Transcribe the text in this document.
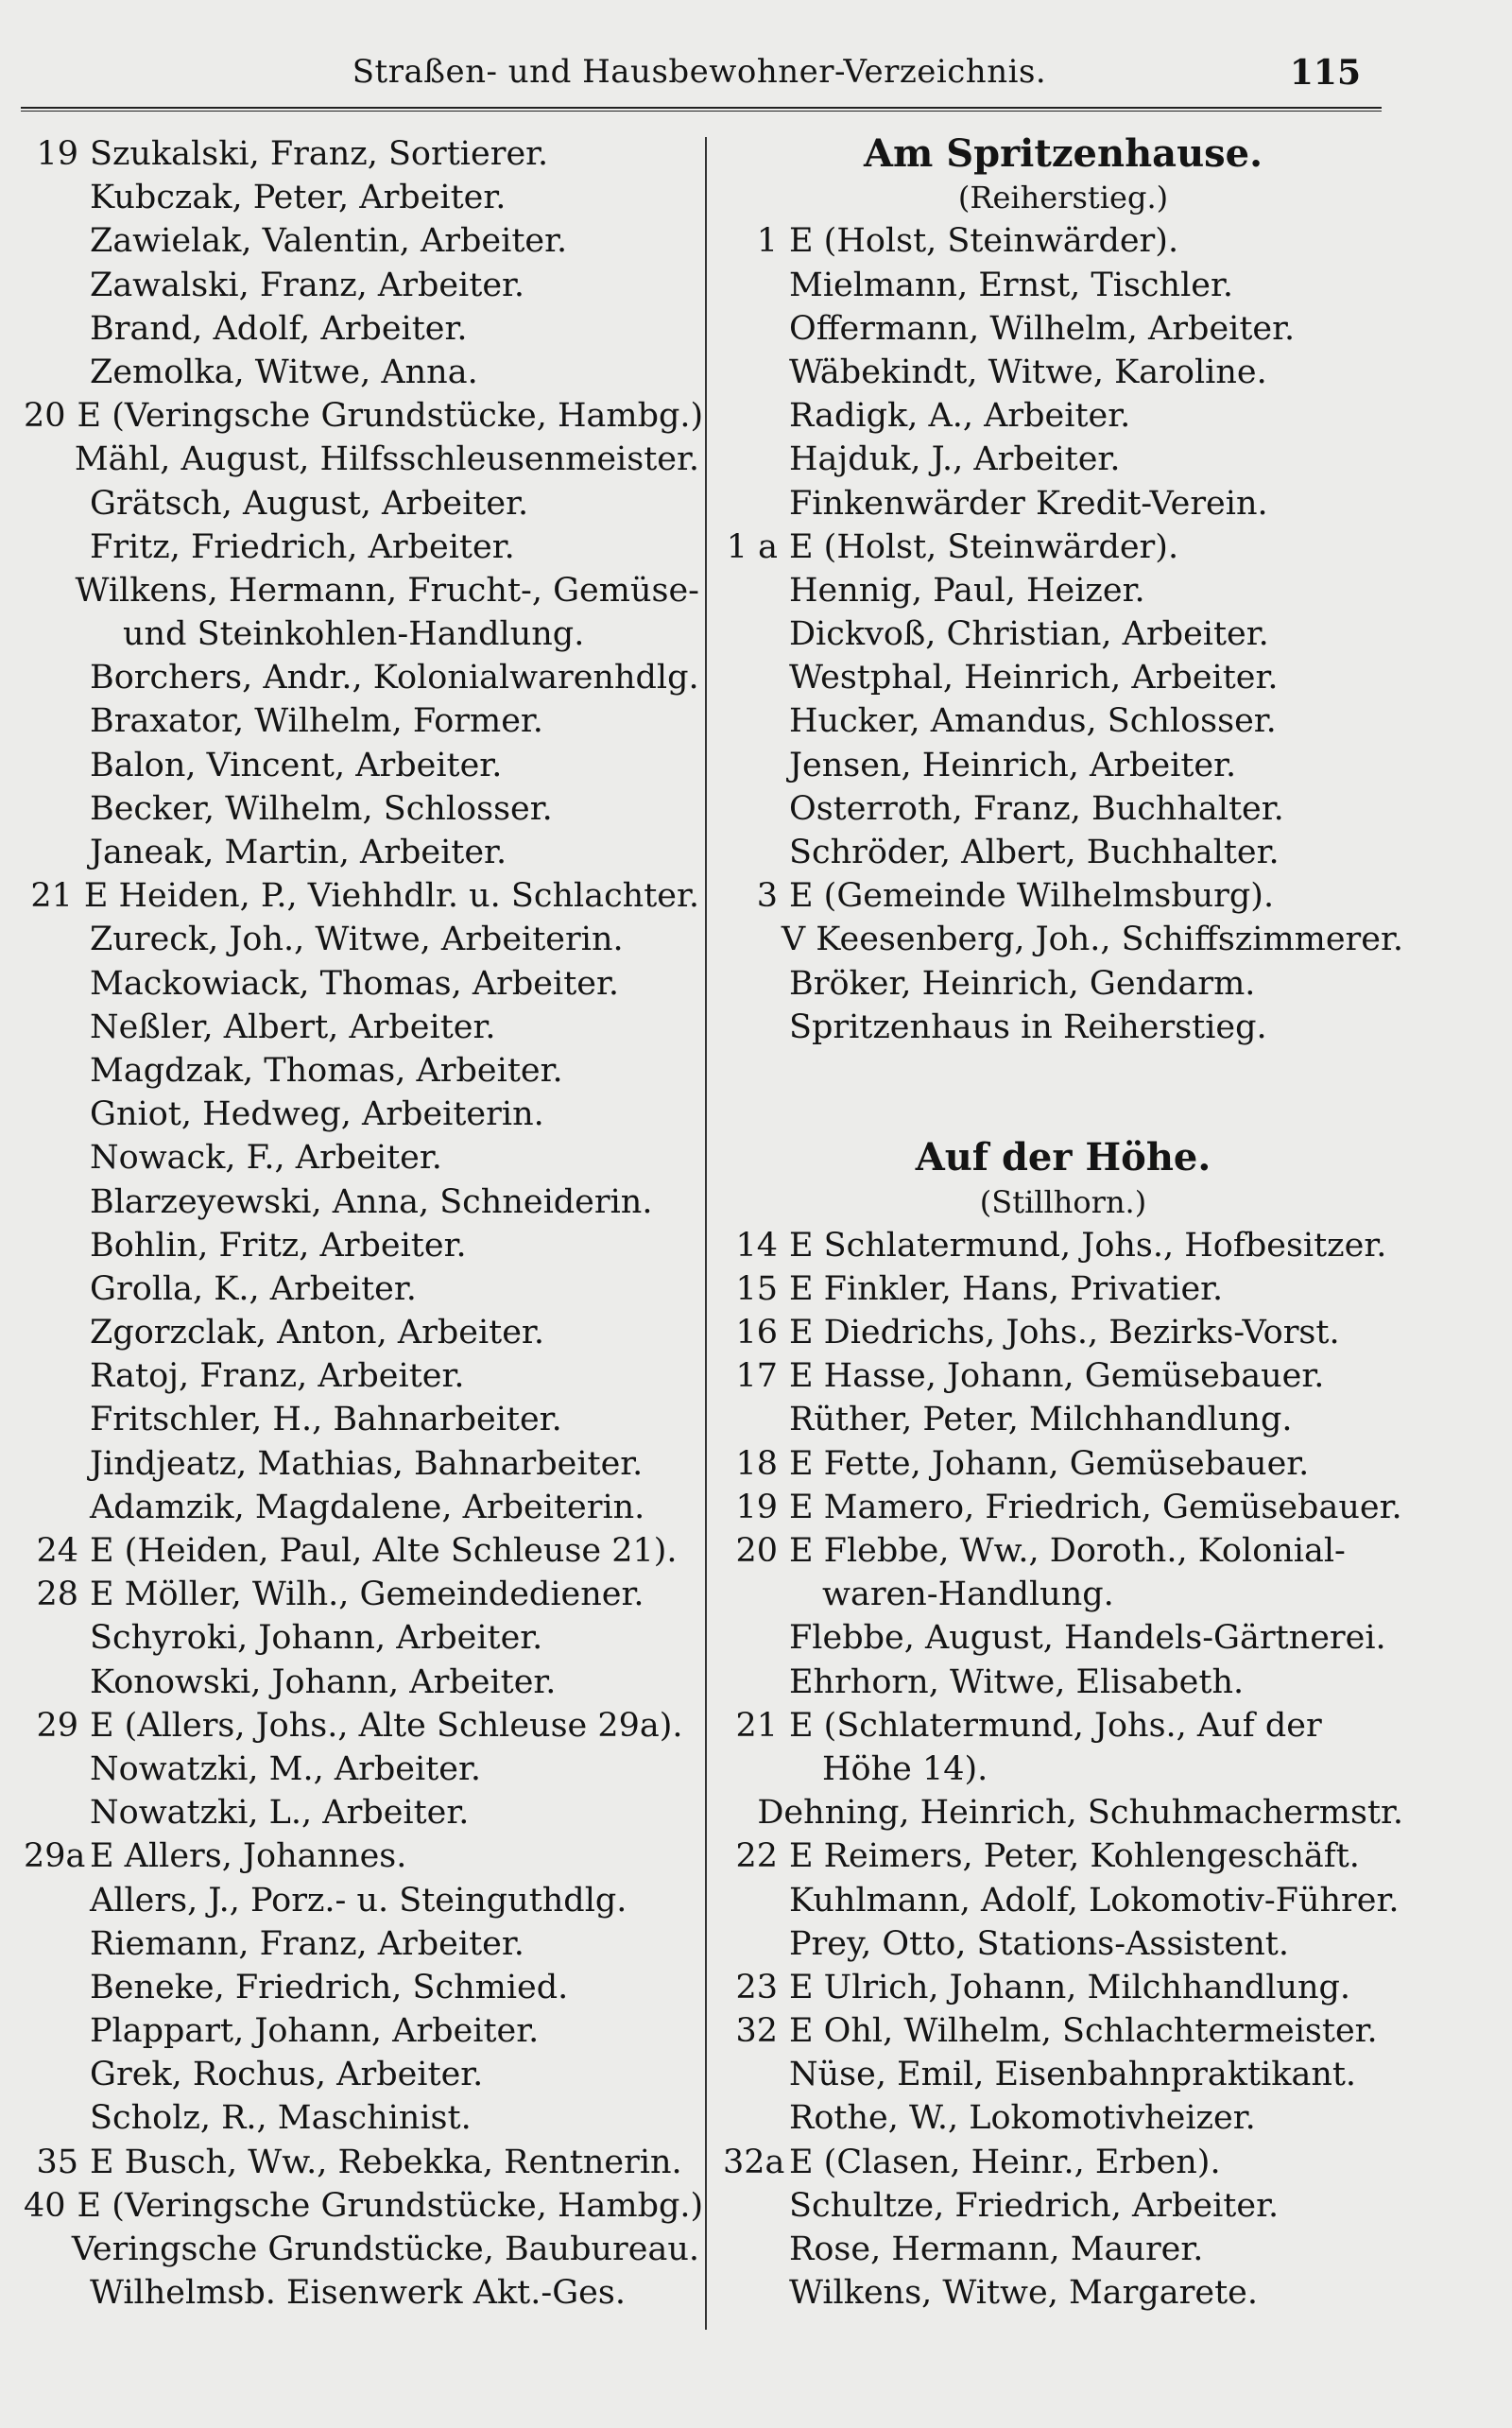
Straßen- und Hausbewohner-Verzeichnis.	115
19 Szukalski, Franz, Sortierer.
Kubczak, Peter, Arbeiter.
Zawielak, Valentin, Arbeiter.
Zawalski, Franz, Arbeiter.
Brand, Adolf, Arbeiter.
Zemolka, Witwe, Anna.
20 E (Veringsche Grundstücke, Hambg.)
Mähl, August, Hilfsschleusenmeister.
Grätsch, August, Arbeiter.
Fritz, Friedrich, Arbeiter.
Wilkens, Hermann, Frucht-, Gemüse-
und Steinkohlen-Handlung.
Borchers, Andr., Kolonialwarenhdlg.
Braxator, Wilhelm, Former.
Balon, Vincent, Arbeiter.
Becker, Wilhelm, Schlosser.
Janeak, Martin, Arbeiter.
21 E Heiden, P., Viehhdlr. u. Schlachter.
Zureck, Joh., Witwe, Arbeiterin.
Mackowiack, Thomas, Arbeiter.
Neßler, Albert, Arbeiter.
Magdzak, Thomas, Arbeiter.
Gniot, Hedweg, Arbeiterin.
Nowack, F., Arbeiter.
Blarzeyewski, Anna, Schneiderin.
Bohlin, Fritz, Arbeiter.
Grolla, K., Arbeiter.
Zgorzclak, Anton, Arbeiter.
Ratoj, Franz, Arbeiter.
Fritschler, H., Bahnarbeiter.
Jindjeatz, Mathias, Bahnarbeiter.
Adamzik, Magdalene, Arbeiterin.
24 E (Heiden, Paul, Alte Schleuse 21).
28 E Möller, Wilh., Gemeindediener.
Schyroki, Johann, Arbeiter.
Konowski, Johann, Arbeiter.
29 E (Allers, Johs., Alte Schleuse 29a).
Nowatzki, M., Arbeiter.
Nowatzki, L., Arbeiter.
29a E Allers, Johannes.
Allers, J., Porz.- u. Steinguthdlg.
Riemann, Franz, Arbeiter.
Beneke, Friedrich, Schmied.
Plappart, Johann, Arbeiter.
Grek, Rochus, Arbeiter.
Scholz, R., Maschinist.
35 E Busch, Ww., Rebekka, Rentnerin.
40 E (Veringsche Grundstücke, Hambg.)
Veringsche Grundstücke, Baubureau.
Wilhelmsb. Eisenwerk Akt.-Ges.
Am Spritzenhause.
(Reiherstieg.)
1 E (Holst, Steinwärder).
Mielmann, Ernst, Tischler.
Offermann, Wilhelm, Arbeiter.
Wäbekindt, Witwe, Karoline.
Radigk, A., Arbeiter.
Hajduk, J., Arbeiter.
Finkenwärder Kredit-Verein.
1 a E (Holst, Steinwärder).
Hennig, Paul, Heizer.
Dickvoß, Christian, Arbeiter.
Westphal, Heinrich, Arbeiter.
Hucker, Amandus, Schlosser.
Jensen, Heinrich, Arbeiter.
Osterroth, Franz, Buchhalter.
Schröder, Albert, Buchhalter.
3 E (Gemeinde Wilhelmsburg).
V Keesenberg, Joh., Schiffszimmerer.
Bröker, Heinrich, Gendarm.
Spritzenhaus in Reiherstieg.
Auf der Höhe.
(Stillhorn.)
14 E Schlatermund, Johs., Hofbesitzer.
15 E Finkler, Hans, Privatier.
16 E Diedrichs, Johs., Bezirks-Vorst.
17 E Hasse, Johann, Gemüsebauer.
Rüther, Peter, Milchhandlung.
18 E Fette, Johann, Gemüsebauer.
19 E Mamero, Friedrich, Gemüsebauer.
20 E Flebbe, Ww., Doroth., Kolonial-
waren-Handlung.
Flebbe, August, Handels-Gärtnerei.
Ehrhorn, Witwe, Elisabeth.
21 E (Schlatermund, Johs., Auf der
Höhe 14).
Dehning, Heinrich, Schuhmachermstr.
22 E Reimers, Peter, Kohlengeschäft.
Kuhlmann, Adolf, Lokomotiv-Führer.
Prey, Otto, Stations-Assistent.
23 E Ulrich, Johann, Milchhandlung.
32 E Ohl, Wilhelm, Schlachtermeister.
Nüse, Emil, Eisenbahnpraktikant.
Rothe, W., Lokomotivheizer.
32a E (Clasen, Heinr., Erben).
Schultze, Friedrich, Arbeiter.
Rose, Hermann, Maurer.
Wilkens, Witwe, Margarete.
